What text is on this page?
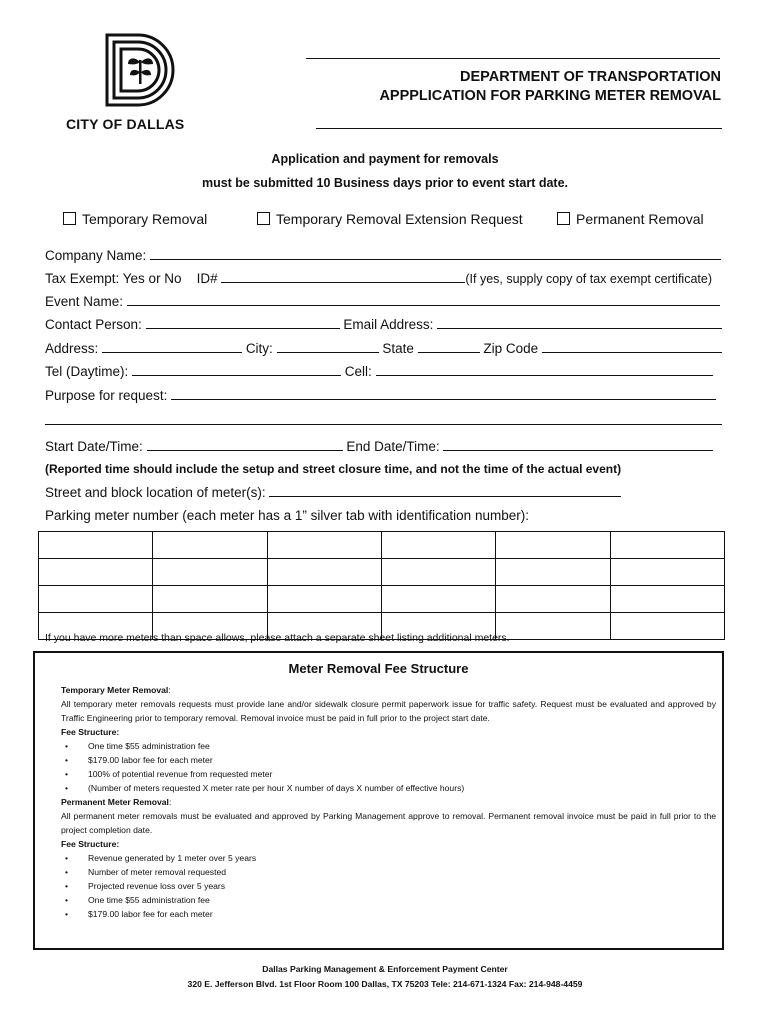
CITY OF DALLAS
DEPARTMENT OF TRANSPORTATION
APPPLICATION FOR PARKING METER REMOVAL
Application and payment for removals
must be submitted 10 Business days prior to event start date.
Temporary Removal	Temporary Removal Extension Request	Permanent Removal
Company Name:
Tax Exempt: Yes or No ID#	(If yes, supply copy of tax exempt certificate)
Event Name:
Contact Person:	Email Address:
Address:	City:	State	Zip Code
Tel (Daytime):	Cell:
Purpose for request:
Start Date/Time:	End Date/Time:
(Reported time should include the setup and street closure time, and not the time of the actual event)
Street and block location of meter(s):
Parking meter number (each meter has a 1” silver tab with identification number):

If you have more meters than space allows, please attach a separate sheet listing additional meters.
Meter Removal Fee Structure
Temporary Meter Removal:
All temporary meter removals requests must provide lane and/or sidewalk closure permit paperwork issue for traffic safety. Request must be evaluated and approved by Traffic Engineering prior to temporary removal. Removal invoice must be paid in full prior to the project start date.
Fee Structure:
• One time $55 administration fee
• $179.00 labor fee for each meter
• 100% of potential revenue from requested meter
• (Number of meters requested X meter rate per hour X number of days X number of effective hours)
Permanent Meter Removal:
All permanent meter removals must be evaluated and approved by Parking Management approve to removal. Permanent removal invoice must be paid in full prior to the project completion date.
Fee Structure:
• Revenue generated by 1 meter over 5 years
• Number of meter removal requested
• Projected revenue loss over 5 years
• One time $55 administration fee
• $179.00 labor fee for each meter
Dallas Parking Management & Enforcement Payment Center
320 E. Jefferson Blvd. 1st Floor Room 100 Dallas, TX 75203 Tele: 214-671-1324 Fax: 214-948-4459
